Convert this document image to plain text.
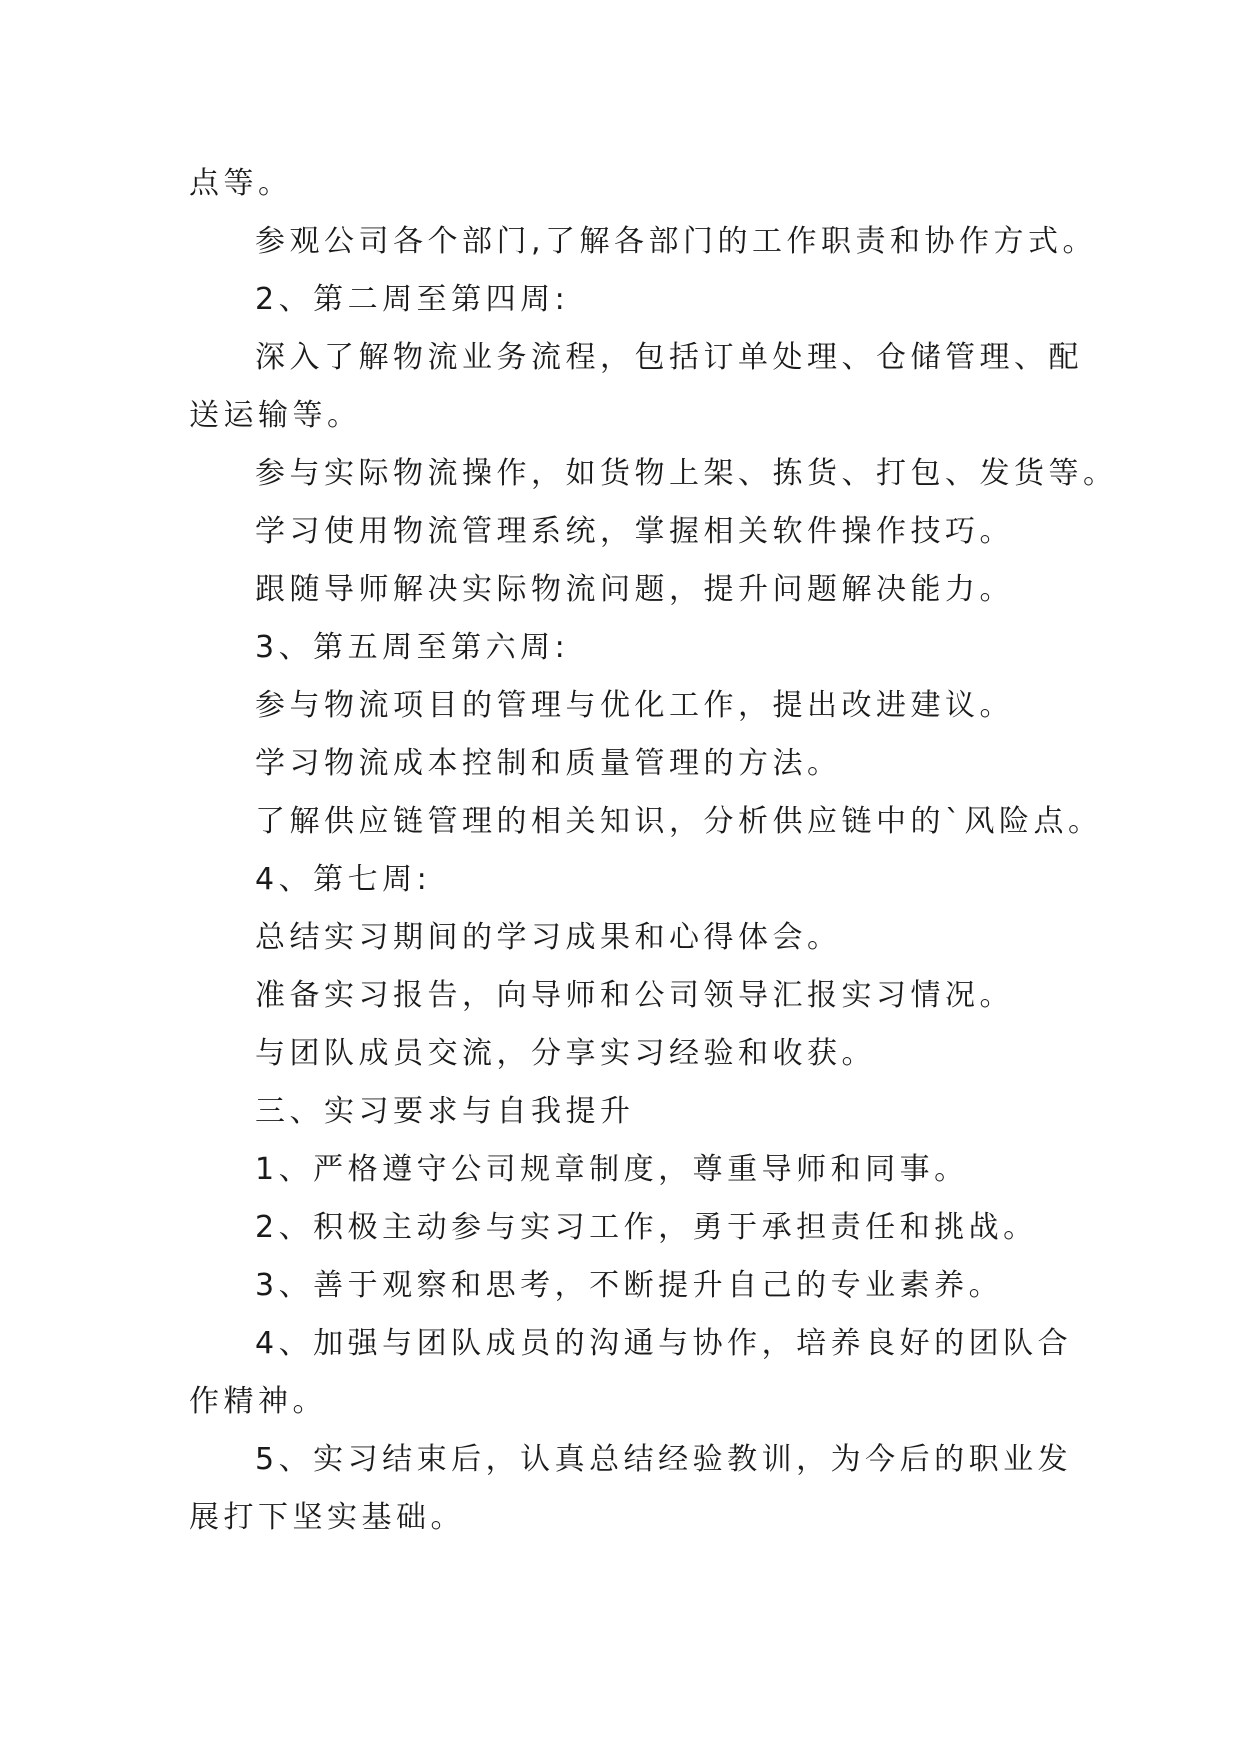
点等。
参观公司各个部门,了解各部门的工作职责和协作方式。
2、第二周至第四周:
深入了解物流业务流程，包括订单处理、仓储管理、配
送运输等。
参与实际物流操作，如货物上架、拣货、打包、发货等。
学习使用物流管理系统，掌握相关软件操作技巧。
跟随导师解决实际物流问题，提升问题解决能力。
3、第五周至第六周:
参与物流项目的管理与优化工作，提出改进建议。
学习物流成本控制和质量管理的方法。
了解供应链管理的相关知识，分析供应链中的`风险点。
4、第七周:
总结实习期间的学习成果和心得体会。
准备实习报告，向导师和公司领导汇报实习情况。
与团队成员交流，分享实习经验和收获。
三、实习要求与自我提升
1、严格遵守公司规章制度，尊重导师和同事。
2、积极主动参与实习工作，勇于承担责任和挑战。
3、善于观察和思考，不断提升自己的专业素养。
4、加强与团队成员的沟通与协作，培养良好的团队合
作精神。
5、实习结束后，认真总结经验教训，为今后的职业发
展打下坚实基础。
